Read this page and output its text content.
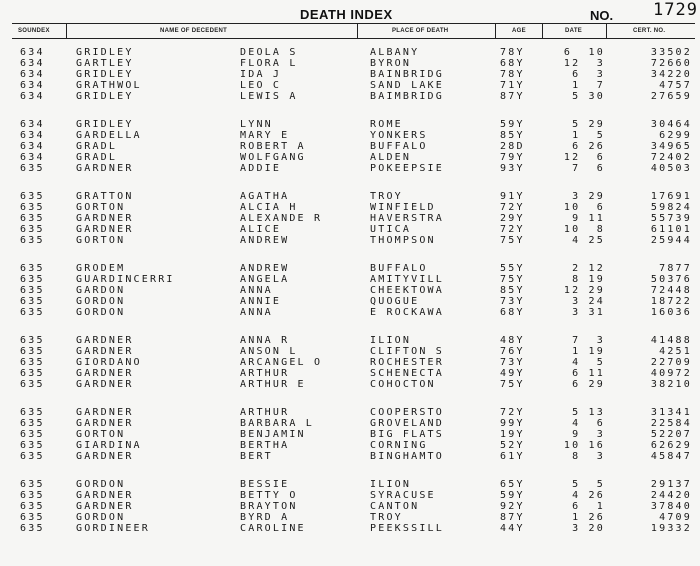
DEATH INDEX	NO. 1729
SOUNDEX	NAME OF DECEDENT	PLACE OF DEATH	AGE	DATE	CERT. NO.
634	GRIDLEY	DEOLA S	ALBANY	78Y	6  10	33502
634	GARTLEY	FLORA L	BYRON	68Y	12  3	72660
634	GRIDLEY	IDA J	BAINBRIDG	78Y	6  3	34220
634	GRATHWOL	LEO C	SAND LAKE	71Y	1  7	4757
634	GRIDLEY	LEWIS A	BAIMBRIDG	87Y	5 30	27659
634	GRIDLEY	LYNN	ROME	59Y	5 29	30464
634	GARDELLA	MARY E	YONKERS	85Y	1  5	6299
634	GRADL	ROBERT A	BUFFALO	28D	6 26	34965
634	GRADL	WOLFGANG	ALDEN	79Y	12  6	72402
635	GARDNER	ADDIE	POKEEPSIE	93Y	7  6	40503
635	GRATTON	AGATHA	TROY	91Y	3 29	17691
635	GORTON	ALCIA H	WINFIELD	72Y	10  6	59824
635	GARDNER	ALEXANDE R	HAVERSTRA	29Y	9 11	55739
635	GARDNER	ALICE	UTICA	72Y	10  8	61101
635	GORTON	ANDREW	THOMPSON	75Y	4 25	25944
635	GRODEM	ANDREW	BUFFALO	55Y	2 12	7877
635	GUARDINCERRI	ANGELA	AMITYVILL	75Y	8 19	50376
635	GARDON	ANNA	CHEEKTOWA	85Y	12 29	72448
635	GORDON	ANNIE	QUOGUE	73Y	3 24	18722
635	GORDON	ANNA	E ROCKAWA	68Y	3 31	16036
635	GARDNER	ANNA R	ILION	48Y	7  3	41488
635	GARDNER	ANSON L	CLIFTON S	76Y	1 19	4251
635	GIORDANO	ARCANGEL O	ROCHESTER	73Y	4  5	22709
635	GARDNER	ARTHUR	SCHENECTA	49Y	6 11	40972
635	GARDNER	ARTHUR E	COHOCTON	75Y	6 29	38210
635	GARDNER	ARTHUR	COOPERSTO	72Y	5 13	31341
635	GARDNER	BARBARA L	GROVELAND	99Y	4  6	22584
635	GORTON	BENJAMIN	BIG FLATS	19Y	9  3	52207
635	GIARDINA	BERTHA	CORNING	52Y	10 16	62629
635	GARDNER	BERT	BINGHAMTO	61Y	8  3	45847
635	GORDON	BESSIE	ILION	65Y	5  5	29137
635	GARDNER	BETTY O	SYRACUSE	59Y	4 26	24420
635	GARDNER	BRAYTON	CANTON	92Y	6  1	37840
635	GORDON	BYRD A	TROY	87Y	1 26	4709
635	GORDINEER	CAROLINE	PEEKSSILL	44Y	3 20	19332
